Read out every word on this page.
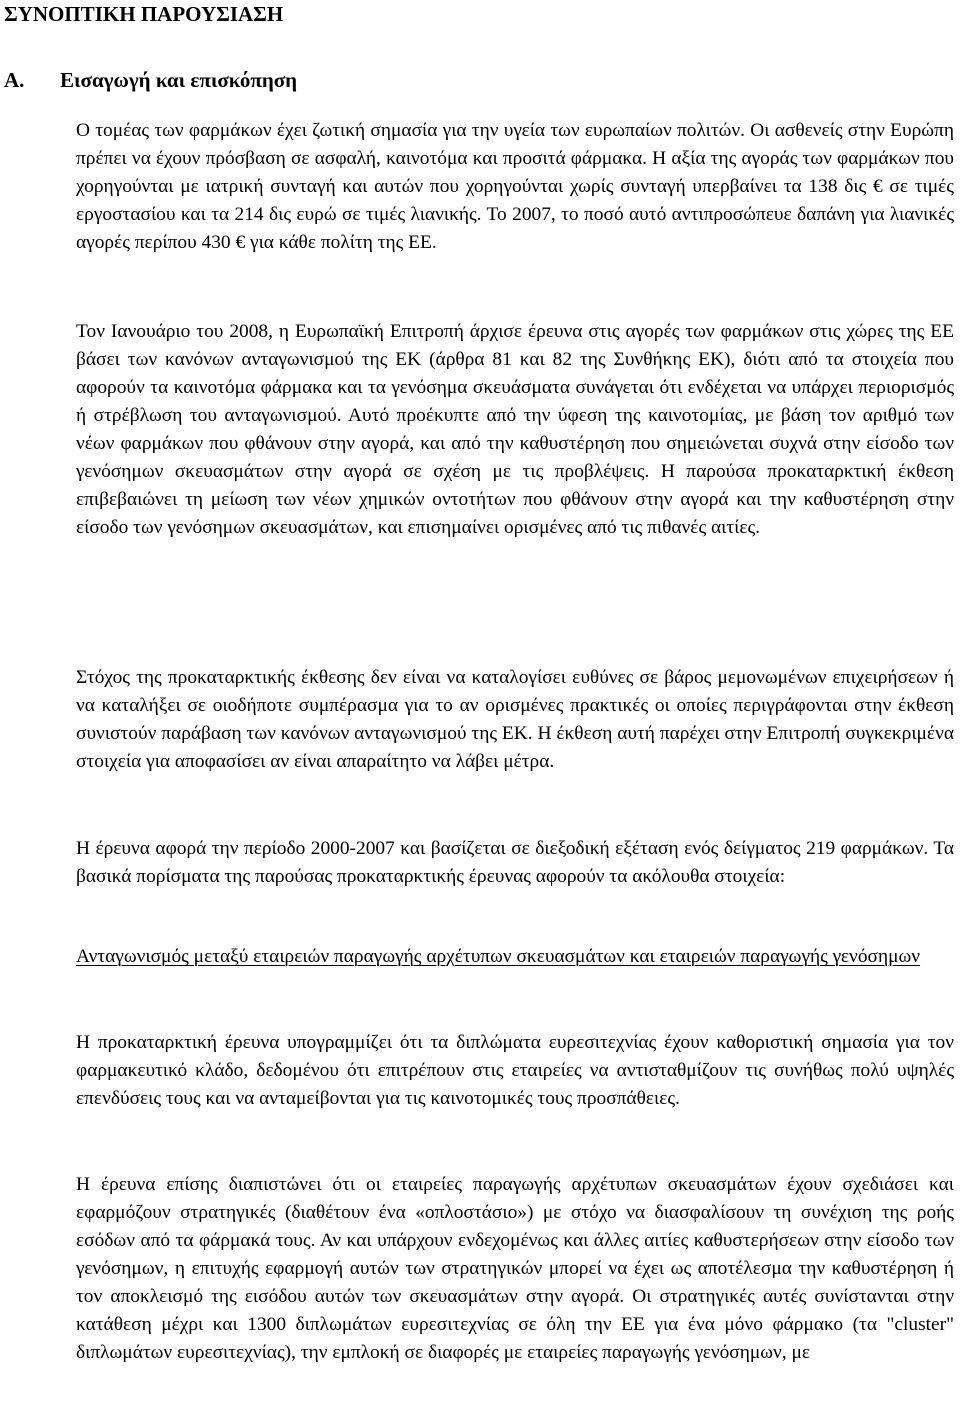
ΣΥΝΟΠΤΙΚΗ ΠΑΡΟΥΣΙΑΣΗ
A. Εισαγωγή και επισκόπηση

Ο τομέας των φαρμάκων έχει ζωτική σημασία για την υγεία των ευρωπαίων πολιτών. Οι ασθενείς στην Ευρώπη πρέπει να έχουν πρόσβαση σε ασφαλή, καινοτόμα και προσιτά φάρμακα. Η αξία της αγοράς των φαρμάκων που χορηγούνται με ιατρική συνταγή και αυτών που χορηγούνται χωρίς συνταγή υπερβαίνει τα 138 δις € σε τιμές εργοστασίου και τα 214 δις ευρώ σε τιμές λιανικής. Το 2007, το ποσό αυτό αντιπροσώπευε δαπάνη για λιανικές αγορές περίπου 430 € για κάθε πολίτη της ΕΕ.

Τον Ιανουάριο του 2008, η Ευρωπαϊκή Επιτροπή άρχισε έρευνα στις αγορές των φαρμάκων στις χώρες της ΕΕ βάσει των κανόνων ανταγωνισμού της ΕΚ (άρθρα 81 και 82 της Συνθήκης ΕΚ), διότι από τα στοιχεία που αφορούν τα καινοτόμα φάρμακα και τα γενόσημα σκευάσματα συνάγεται ότι ενδέχεται να υπάρχει περιορισμός ή στρέβλωση του ανταγωνισμού. Αυτό προέκυπτε από την ύφεση της καινοτομίας, με βάση τον αριθμό των νέων φαρμάκων που φθάνουν στην αγορά, και από την καθυστέρηση που σημειώνεται συχνά στην είσοδο των γενόσημων σκευασμάτων στην αγορά σε σχέση με τις προβλέψεις. Η παρούσα προκαταρκτική έκθεση επιβεβαιώνει τη μείωση των νέων χημικών οντοτήτων που φθάνουν στην αγορά και την καθυστέρηση στην είσοδο των γενόσημων σκευασμάτων, και επισημαίνει ορισμένες από τις πιθανές αιτίες.

Στόχος της προκαταρκτικής έκθεσης δεν είναι να καταλογίσει ευθύνες σε βάρος μεμονωμένων επιχειρήσεων ή να καταλήξει σε οιοδήποτε συμπέρασμα για το αν ορισμένες πρακτικές οι οποίες περιγράφονται στην έκθεση συνιστούν παράβαση των κανόνων ανταγωνισμού της ΕΚ. Η έκθεση αυτή παρέχει στην Επιτροπή συγκεκριμένα στοιχεία για αποφασίσει αν είναι απαραίτητο να λάβει μέτρα.

Η έρευνα αφορά την περίοδο 2000-2007 και βασίζεται σε διεξοδική εξέταση ενός δείγματος 219 φαρμάκων. Τα βασικά πορίσματα της παρούσας προκαταρκτικής έρευνας αφορούν τα ακόλουθα στοιχεία:

Ανταγωνισμός μεταξύ εταιρειών παραγωγής αρχέτυπων σκευασμάτων και εταιρειών παραγωγής γενόσημων

Η προκαταρκτική έρευνα υπογραμμίζει ότι τα διπλώματα ευρεσιτεχνίας έχουν καθοριστική σημασία για τον φαρμακευτικό κλάδο, δεδομένου ότι επιτρέπουν στις εταιρείες να αντισταθμίζουν τις συνήθως πολύ υψηλές επενδύσεις τους και να ανταμείβονται για τις καινοτομικές τους προσπάθειες.

Η έρευνα επίσης διαπιστώνει ότι οι εταιρείες παραγωγής αρχέτυπων σκευασμάτων έχουν σχεδιάσει και εφαρμόζουν στρατηγικές (διαθέτουν ένα «οπλοστάσιο») με στόχο να διασφαλίσουν τη συνέχιση της ροής εσόδων από τα φάρμακά τους. Αν και υπάρχουν ενδεχομένως και άλλες αιτίες καθυστερήσεων στην είσοδο των γενόσημων, η επιτυχής εφαρμογή αυτών των στρατηγικών μπορεί να έχει ως αποτέλεσμα την καθυστέρηση ή τον αποκλεισμό της εισόδου αυτών των σκευασμάτων στην αγορά. Οι στρατηγικές αυτές συνίστανται στην κατάθεση μέχρι και 1300 διπλωμάτων ευρεσιτεχνίας σε όλη την ΕΕ για ένα μόνο φάρμακο (τα "cluster" διπλωμάτων ευρεσιτεχνίας), την εμπλοκή σε διαφορές με εταιρείες παραγωγής γενόσημων, με
